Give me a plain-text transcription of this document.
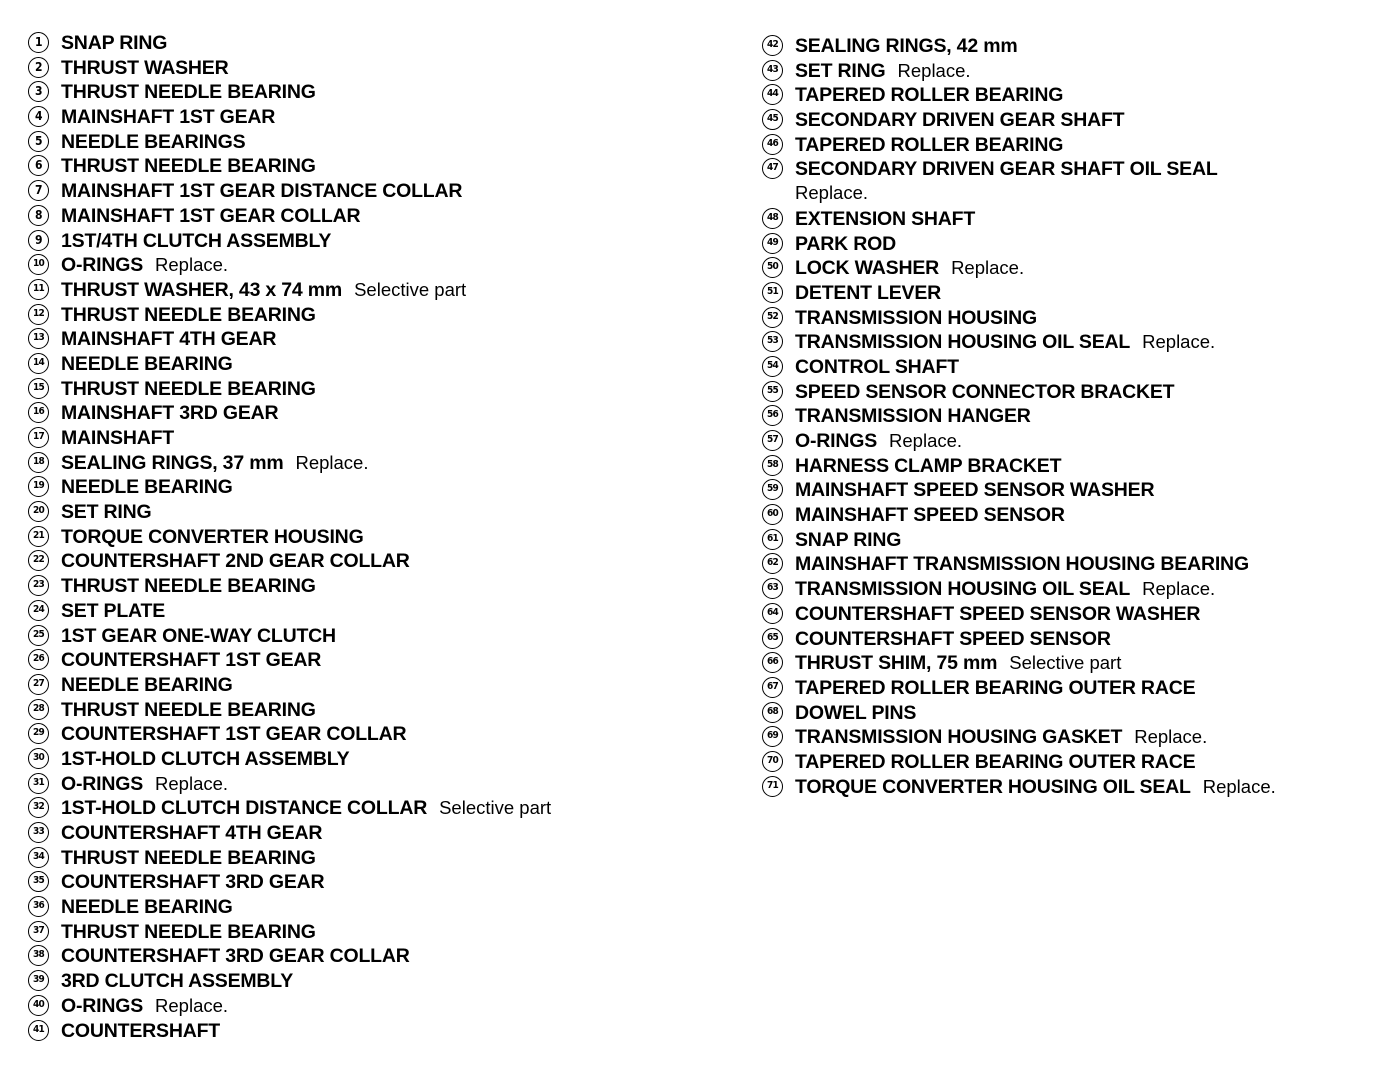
1 SNAP RING
2 THRUST WASHER
3 THRUST NEEDLE BEARING
4 MAINSHAFT 1ST GEAR
5 NEEDLE BEARINGS
6 THRUST NEEDLE BEARING
7 MAINSHAFT 1ST GEAR DISTANCE COLLAR
8 MAINSHAFT 1ST GEAR COLLAR
9 1ST/4TH CLUTCH ASSEMBLY
10 O-RINGS Replace.
11 THRUST WASHER, 43 x 74 mm Selective part
12 THRUST NEEDLE BEARING
13 MAINSHAFT 4TH GEAR
14 NEEDLE BEARING
15 THRUST NEEDLE BEARING
16 MAINSHAFT 3RD GEAR
17 MAINSHAFT
18 SEALING RINGS, 37 mm Replace.
19 NEEDLE BEARING
20 SET RING
21 TORQUE CONVERTER HOUSING
22 COUNTERSHAFT 2ND GEAR COLLAR
23 THRUST NEEDLE BEARING
24 SET PLATE
25 1ST GEAR ONE-WAY CLUTCH
26 COUNTERSHAFT 1ST GEAR
27 NEEDLE BEARING
28 THRUST NEEDLE BEARING
29 COUNTERSHAFT 1ST GEAR COLLAR
30 1ST-HOLD CLUTCH ASSEMBLY
31 O-RINGS Replace.
32 1ST-HOLD CLUTCH DISTANCE COLLAR Selective part
33 COUNTERSHAFT 4TH GEAR
34 THRUST NEEDLE BEARING
35 COUNTERSHAFT 3RD GEAR
36 NEEDLE BEARING
37 THRUST NEEDLE BEARING
38 COUNTERSHAFT 3RD GEAR COLLAR
39 3RD CLUTCH ASSEMBLY
40 O-RINGS Replace.
41 COUNTERSHAFT
42 SEALING RINGS, 42 mm
43 SET RING Replace.
44 TAPERED ROLLER BEARING
45 SECONDARY DRIVEN GEAR SHAFT
46 TAPERED ROLLER BEARING
47 SECONDARY DRIVEN GEAR SHAFT OIL SEAL
Replace.
48 EXTENSION SHAFT
49 PARK ROD
50 LOCK WASHER Replace.
51 DETENT LEVER
52 TRANSMISSION HOUSING
53 TRANSMISSION HOUSING OIL SEAL Replace.
54 CONTROL SHAFT
55 SPEED SENSOR CONNECTOR BRACKET
56 TRANSMISSION HANGER
57 O-RINGS Replace.
58 HARNESS CLAMP BRACKET
59 MAINSHAFT SPEED SENSOR WASHER
60 MAINSHAFT SPEED SENSOR
61 SNAP RING
62 MAINSHAFT TRANSMISSION HOUSING BEARING
63 TRANSMISSION HOUSING OIL SEAL Replace.
64 COUNTERSHAFT SPEED SENSOR WASHER
65 COUNTERSHAFT SPEED SENSOR
66 THRUST SHIM, 75 mm Selective part
67 TAPERED ROLLER BEARING OUTER RACE
68 DOWEL PINS
69 TRANSMISSION HOUSING GASKET Replace.
70 TAPERED ROLLER BEARING OUTER RACE
71 TORQUE CONVERTER HOUSING OIL SEAL Replace.
